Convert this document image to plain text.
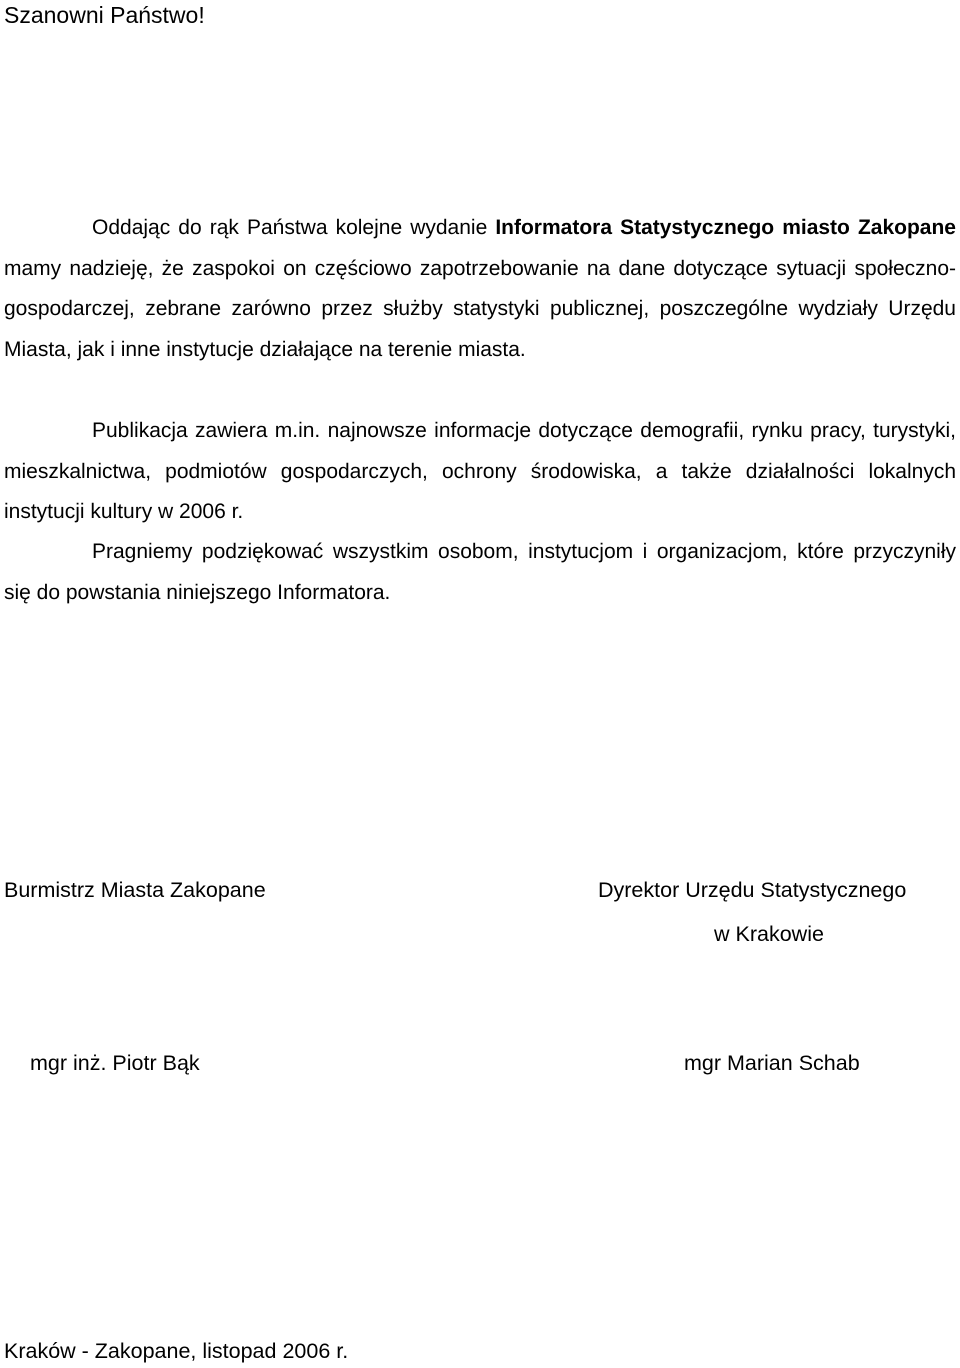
Szanowni Państwo!

Oddając do rąk Państwa kolejne wydanie Informatora Statystycznego miasto Zakopane mamy nadzieję, że zaspokoi on częściowo zapotrzebowanie na dane dotyczące sytuacji społeczno-gospodarczej, zebrane zarówno przez służby statystyki publicznej, poszczególne wydziały Urzędu Miasta, jak i inne instytucje działające na terenie miasta.

Publikacja zawiera m.in. najnowsze informacje dotyczące demografii, rynku pracy, turystyki, mieszkalnictwa, podmiotów gospodarczych, ochrony środowiska, a także działalności lokalnych instytucji kultury w 2006 r.

Pragniemy podziękować wszystkim osobom, instytucjom i organizacjom, które przyczyniły się do powstania niniejszego Informatora.

Burmistrz Miasta Zakopane	Dyrektor Urzędu Statystycznego

w Krakowie

mgr inż. Piotr Bąk	mgr Marian Schab

Kraków - Zakopane, listopad 2006 r.
